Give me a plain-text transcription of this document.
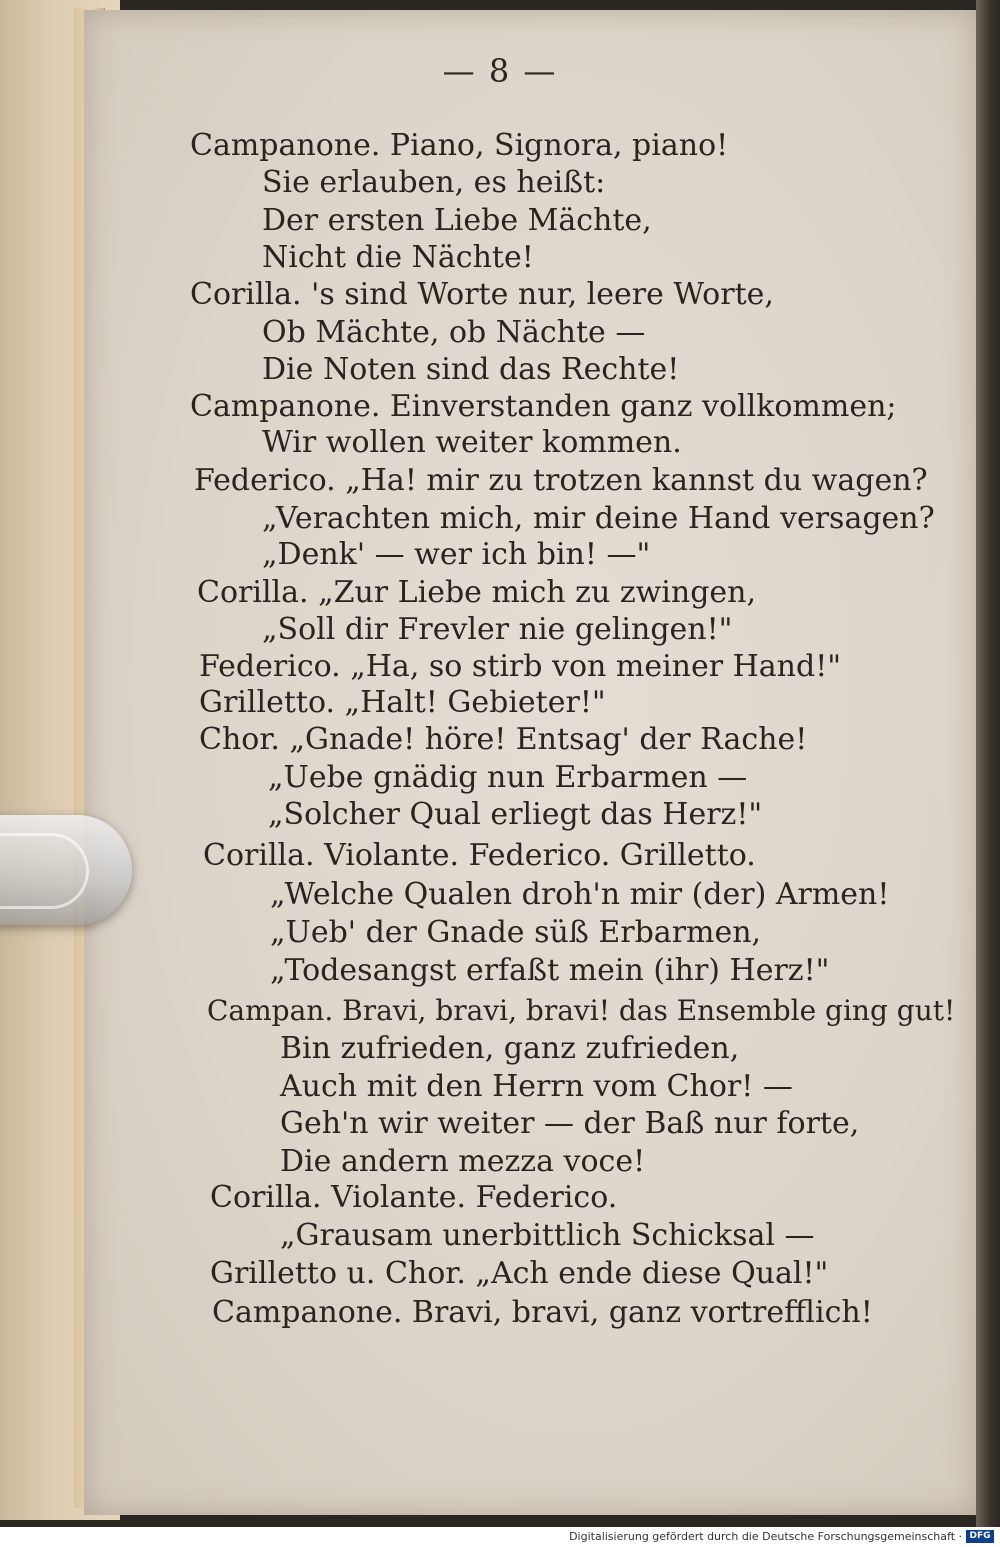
— 8 —
Campanone. Piano, Signora, piano!
Sie erlauben, es heißt:
Der ersten Liebe Mächte,
Nicht die Nächte!
Corilla. 's sind Worte nur, leere Worte,
Ob Mächte, ob Nächte —
Die Noten sind das Rechte!
Campanone. Einverstanden ganz vollkommen;
Wir wollen weiter kommen.
Federico. „Ha! mir zu trotzen kannst du wagen?
„Verachten mich, mir deine Hand versagen?
„Denk' — wer ich bin! —"
Corilla. „Zur Liebe mich zu zwingen,
„Soll dir Frevler nie gelingen!"
Federico. „Ha, so stirb von meiner Hand!"
Grilletto. „Halt! Gebieter!"
Chor. „Gnade! höre! Entsag' der Rache!
„Uebe gnädig nun Erbarmen —
„Solcher Qual erliegt das Herz!"
Corilla. Violante. Federico. Grilletto.
„Welche Qualen droh'n mir (der) Armen!
„Ueb' der Gnade süß Erbarmen,
„Todesangst erfaßt mein (ihr) Herz!"
Campan. Bravi, bravi, bravi! das Ensemble ging gut!
Bin zufrieden, ganz zufrieden,
Auch mit den Herrn vom Chor! —
Geh'n wir weiter — der Baß nur forte,
Die andern mezza voce!
Corilla. Violante. Federico.
„Grausam unerbittlich Schicksal —
Grilletto u. Chor. „Ach ende diese Qual!"
Campanone. Bravi, bravi, ganz vortrefflich!
Digitalisierung gefördert durch die Deutsche Forschungsgemeinschaft · DFG
